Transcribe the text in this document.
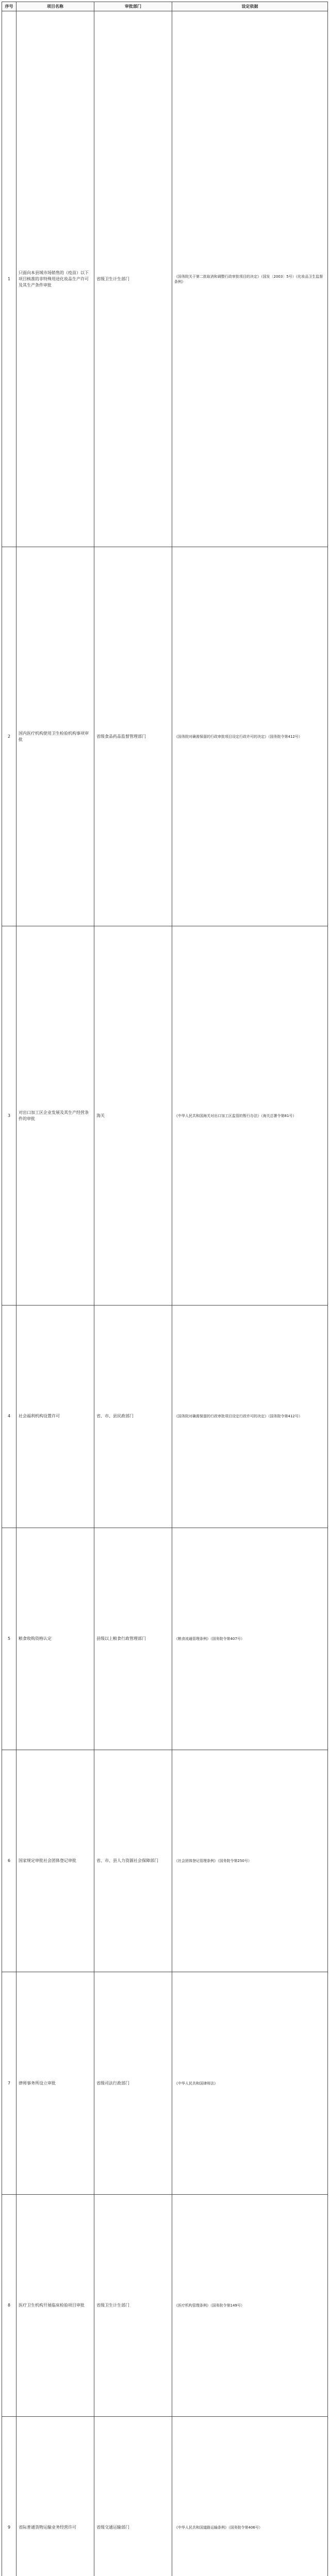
序号	项目名称	审批部门	设定依据
1	只面向本县域市场销售的（疫苗）以下项目核准的非特殊用途化妆品生产许可及其生产条件审批	省级卫生计生部门	《国务院关于第二批取消和调整行政审批项目的决定》（国发〔2003〕5号）《化妆品卫生监督条例》
2	国内医疗机构使用卫生检验机构事项审批	省级食品药品监督管理部门	《国务院对确需保留的行政审批项目设定行政许可的决定》（国务院令第412号）
3	对出口加工区企业发展及其生产经营条件的审批	海关	《中华人民共和国海关对出口加工区监管的暂行办法》（海关总署令第81号）
4	社会福利机构设置许可	省、市、县民政部门	《国务院对确需保留的行政审批项目设定行政许可的决定》（国务院令第412号）
5	粮食收购资格认定	县级以上粮食行政管理部门	《粮食流通管理条例》（国务院令第407号）
6	国家规定审批社会团体登记审批	省、市、县人力资源社会保障部门	《社会团体登记管理条例》（国务院令第250号）
7	律师事务所设立审批	省级司法行政部门	《中华人民共和国律师法》
8	医疗卫生机构开展临床检验项目审批	省级卫生计生部门	《医疗机构管理条例》（国务院令第149号）
9	省际普通货物运输业务经营许可	省级交通运输部门	《中华人民共和国道路运输条例》（国务院令第406号）
